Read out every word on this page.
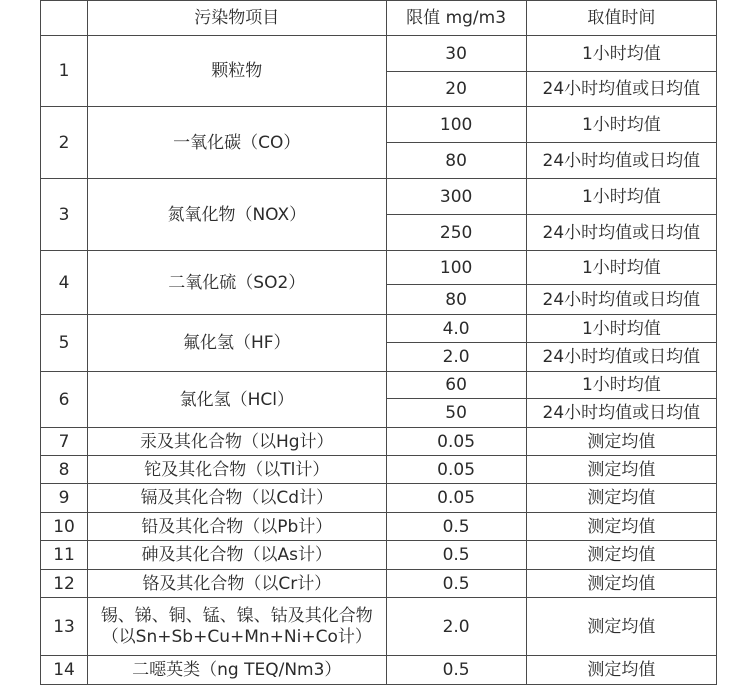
	污染物项目	限值 mg/m3	取值时间
1	颗粒物	30	1小时均值
		20	24小时均值或日均值
2	一氧化碳（CO）	100	1小时均值
		80	24小时均值或日均值
3	氮氧化物（NOX）	300	1小时均值
		250	24小时均值或日均值
4	二氧化硫（SO2）	100	1小时均值
		80	24小时均值或日均值
5	氟化氢（HF）	4.0	1小时均值
		2.0	24小时均值或日均值
6	氯化氢（HCl）	60	1小时均值
		50	24小时均值或日均值
7	汞及其化合物（以Hg计）	0.05	测定均值
8	铊及其化合物（以Tl计）	0.05	测定均值
9	镉及其化合物（以Cd计）	0.05	测定均值
10	铅及其化合物（以Pb计）	0.5	测定均值
11	砷及其化合物（以As计）	0.5	测定均值
12	铬及其化合物（以Cr计）	0.5	测定均值
13	锡、锑、铜、锰、镍、钴及其化合物
（以Sn+Sb+Cu+Mn+Ni+Co计）	2.0	测定均值
14	二噁英类（ng TEQ/Nm3）	0.5	测定均值
